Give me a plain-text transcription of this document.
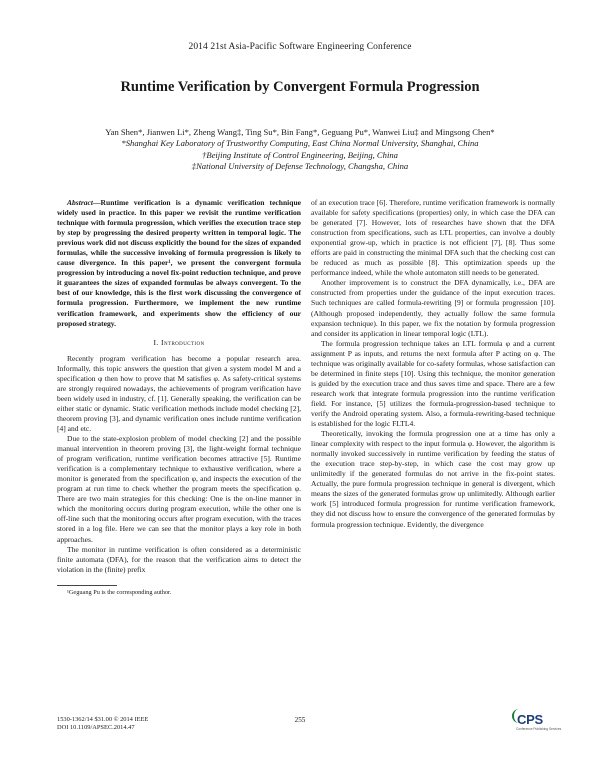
2014 21st Asia-Pacific Software Engineering Conference
Runtime Verification by Convergent Formula Progression
Yan Shen*, Jianwen Li*, Zheng Wang‡, Ting Su*, Bin Fang*, Geguang Pu*, Wanwei Liu‡ and Mingsong Chen*
*Shanghai Key Laboratory of Trustworthy Computing, East China Normal University, Shanghai, China
†Beijing Institute of Control Engineering, Beijing, China
‡National University of Defense Technology, Changsha, China

Abstract—Runtime verification is a dynamic verification technique widely used in practice. In this paper we revisit the runtime verification technique with formula progression, which verifies the execution trace step by step by progressing the desired property written in temporal logic. The previous work did not discuss explicitly the bound for the sizes of expanded formulas, while the successive invoking of formula progression is likely to cause divergence. In this paper¹, we present the convergent formula progression by introducing a novel fix-point reduction technique, and prove it guarantees the sizes of expanded formulas be always convergent. To the best of our knowledge, this is the first work discussing the convergence of formula progression. Furthermore, we implement the new runtime verification framework, and experiments show the efficiency of our proposed strategy.

I. Introduction

Recently program verification has become a popular research area. Informally, this topic answers the question that given a system model M and a specification φ then how to prove that M satisfies φ. As safety-critical systems are strongly required nowadays, the achievements of program verification have been widely used in industry, cf. [1]. Generally speaking, the verification can be either static or dynamic. Static verification methods include model checking [2], theorem proving [3], and dynamic verification ones include runtime verification [4] and etc.

Due to the state-explosion problem of model checking [2] and the possible manual intervention in theorem proving [3], the light-weight formal technique of program verification, runtime verification becomes attractive [5]. Runtime verification is a complementary technique to exhaustive verification, where a monitor is generated from the specification φ, and inspects the execution of the program at run time to check whether the program meets the specification φ. There are two main strategies for this checking: One is the on-line manner in which the monitoring occurs during program execution, while the other one is off-line such that the monitoring occurs after program execution, with the traces stored in a log file. Here we can see that the monitor plays a key role in both approaches.

The monitor in runtime verification is often considered as a deterministic finite automata (DFA), for the reason that the verification aims to detect the violation in the (finite) prefix

¹Geguang Pu is the corresponding author.

of an execution trace [6]. Therefore, runtime verification framework is normally available for safety specifications (properties) only, in which case the DFA can be generated [7]. However, lots of researches have shown that the DFA construction from specifications, such as LTL properties, can involve a doubly exponential grow-up, which in practice is not efficient [7], [8]. Thus some efforts are paid in constructing the minimal DFA such that the checking cost can be reduced as much as possible [8]. This optimization speeds up the performance indeed, while the whole automaton still needs to be generated.

Another improvement is to construct the DFA dynamically, i.e., DFA are constructed from properties under the guidance of the input execution traces. Such techniques are called formula-rewriting [9] or formula progression [10]. (Although proposed independently, they actually follow the same formula expansion technique). In this paper, we fix the notation by formula progression and consider its application in linear temporal logic (LTL).

The formula progression technique takes an LTL formula φ and a current assignment P as inputs, and returns the next formula after P acting on φ. The technique was originally available for co-safety formulas, whose satisfaction can be determined in finite steps [10]. Using this technique, the monitor generation is guided by the execution trace and thus saves time and space. There are a few research work that integrate formula progression into the runtime verification field. For instance, [5] utilizes the formula-progression-based technique to verify the Android operating system. Also, a formula-rewriting-based technique is established for the logic FLTL4.

Theoretically, invoking the formula progression one at a time has only a linear complexity with respect to the input formula φ. However, the algorithm is normally invoked successively in runtime verification by feeding the status of the execution trace step-by-step, in which case the cost may grow up unlimitedly if the generated formulas do not arrive in the fix-point states. Actually, the pure formula progression technique in general is divergent, which means the sizes of the generated formulas grow up unlimitedly. Although earlier work [5] introduced formula progression for runtime verification framework, they did not discuss how to ensure the convergence of the generated formulas by formula progression technique. Evidently, the divergence

1530-1362/14 $31.00 © 2014 IEEE
DOI 10.1109/APSEC.2014.47
255	CPS
Conference Publishing Services
